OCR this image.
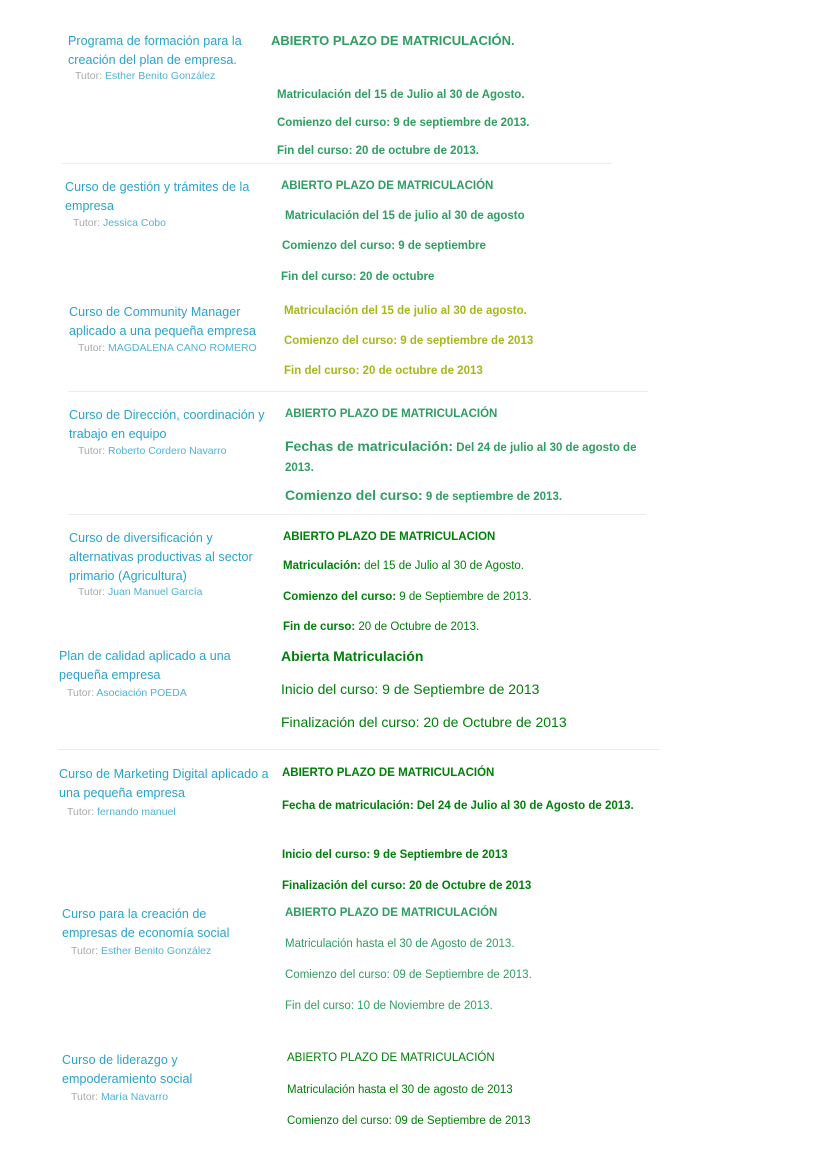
Programa de formación para la creación del plan de empresa.
Tutor: Esther Benito González
ABIERTO PLAZO DE MATRICULACIÓN.
Matriculación del 15 de Julio al 30 de Agosto.
Comienzo del curso: 9 de septiembre de 2013.
Fin del curso: 20 de octubre de 2013.
Curso de gestión y trámites de la empresa
Tutor: Jessica Cobo
ABIERTO PLAZO DE MATRICULACIÓN
Matriculación del 15 de julio al 30 de agosto
Comienzo del curso: 9 de septiembre
Fin del curso: 20 de octubre
Curso de Community Manager aplicado a una pequeña empresa
Tutor: MAGDALENA CANO ROMERO
Matriculación del 15 de julio al 30 de agosto.
Comienzo del curso: 9 de septiembre de 2013
Fin del curso: 20 de octubre de 2013
Curso de Dirección, coordinación y trabajo en equipo
Tutor: Roberto Cordero Navarro
ABIERTO PLAZO DE MATRICULACIÓN
Fechas de matriculación: Del 24 de julio al 30 de agosto de 2013.
Comienzo del curso: 9 de septiembre de 2013.
Curso de diversificación y alternativas productivas al sector primario (Agricultura)
Tutor: Juan Manuel García
ABIERTO PLAZO DE MATRICULACION
Matriculación: del 15 de Julio al 30 de Agosto.
Comienzo del curso: 9 de Septiembre de 2013.
Fin de curso: 20 de Octubre de 2013.
Plan de calidad aplicado a una pequeña empresa
Tutor: Asociación POEDA
Abierta Matriculación
Inicio del curso: 9 de Septiembre de 2013
Finalización del curso: 20 de Octubre de 2013
Curso de Marketing Digital aplicado a una pequeña empresa
Tutor: fernando manuel
ABIERTO PLAZO DE MATRICULACIÓN
Fecha de matriculación: Del 24 de Julio al 30 de Agosto de 2013.
Inicio del curso: 9 de Septiembre de 2013
Finalización del curso: 20 de Octubre de 2013
Curso para la creación de empresas de economía social
Tutor: Esther Benito González
ABIERTO PLAZO DE MATRICULACIÓN
Matriculación hasta el 30 de Agosto de 2013.
Comienzo del curso: 09 de Septiembre de 2013.
Fin del curso: 10 de Noviembre de 2013.
Curso de liderazgo y empoderamiento social
Tutor: María Navarro
ABIERTO PLAZO DE MATRICULACIÓN
Matriculación hasta el 30 de agosto de 2013
Comienzo del curso: 09 de Septiembre de 2013
